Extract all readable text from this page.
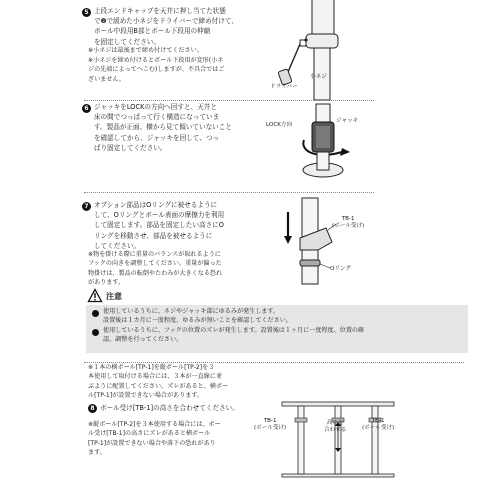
5 上段エンドキャップを天井に押し当てた状態
で❷で緩めた小ネジをドライバーで締め付けて、
ボール中段用B部とボール下段用の伸縮
を固定してください。
※小ネジは最後まで締め付けてください。
※小ネジを締め付けるとボール下段用が変形(小ネ
ジの先端によってへこむ)しますが、不具合ではご
ざいません。	小ネジ
ドライバー
6 ジャッキをLOCKの方向へ回すと、天井と
床の間でつっぱって行く構造になっていま
す。製品が正面、横から見て傾いていないこと
を確認してから、ジャッキを回して、つっ
ぱり固定してください。
LOCK方向
ジャッキ
7 オプション部品はOリングに被せるように
して、Oリングとボール表面の摩擦力を利用
して固定します。部品を固定したい高さにO
リングを移動させ、部品を被せるように
してください。
※物を掛ける際に重量のバランスが取れるように
フックの向きを調整してください。重量が偏った
物掛けは、製品の転倒やたわみが大きくなる恐れ
があります。
TB-1
(ボール受け)
Oリング
注意
使用しているうちに、ネジやジャッキ部にゆるみが発生します。
設置後は１カ月に一度程度、ゆるみが無いことを確認してください。
使用しているうちに、フックの位置のズレが発生します。設置後は１ヶ月に一度程度、位置の確
認、調整を行ってください。
※１本の横ボール[TP-1]を縦ボール[TP-2]を３
本使用して取付ける場合には、３本が一直線に並
ぶように配置してください。ズレがあると、横ボー
ル[TP-1]が設置できない場合があります。
8 ボール受け[TB-1]の高さを合わせてください。
※縦ボール[TP-2]を３本使用する場合には、ボー
ル受け[TB-1]の高さにズレがあると横ボール
[TP-1]が設置できない場合や落下の恐れがあり
ます。
TB-1
(ボール受け)
TB-1
(ボール受け)
高さを
合わせる
